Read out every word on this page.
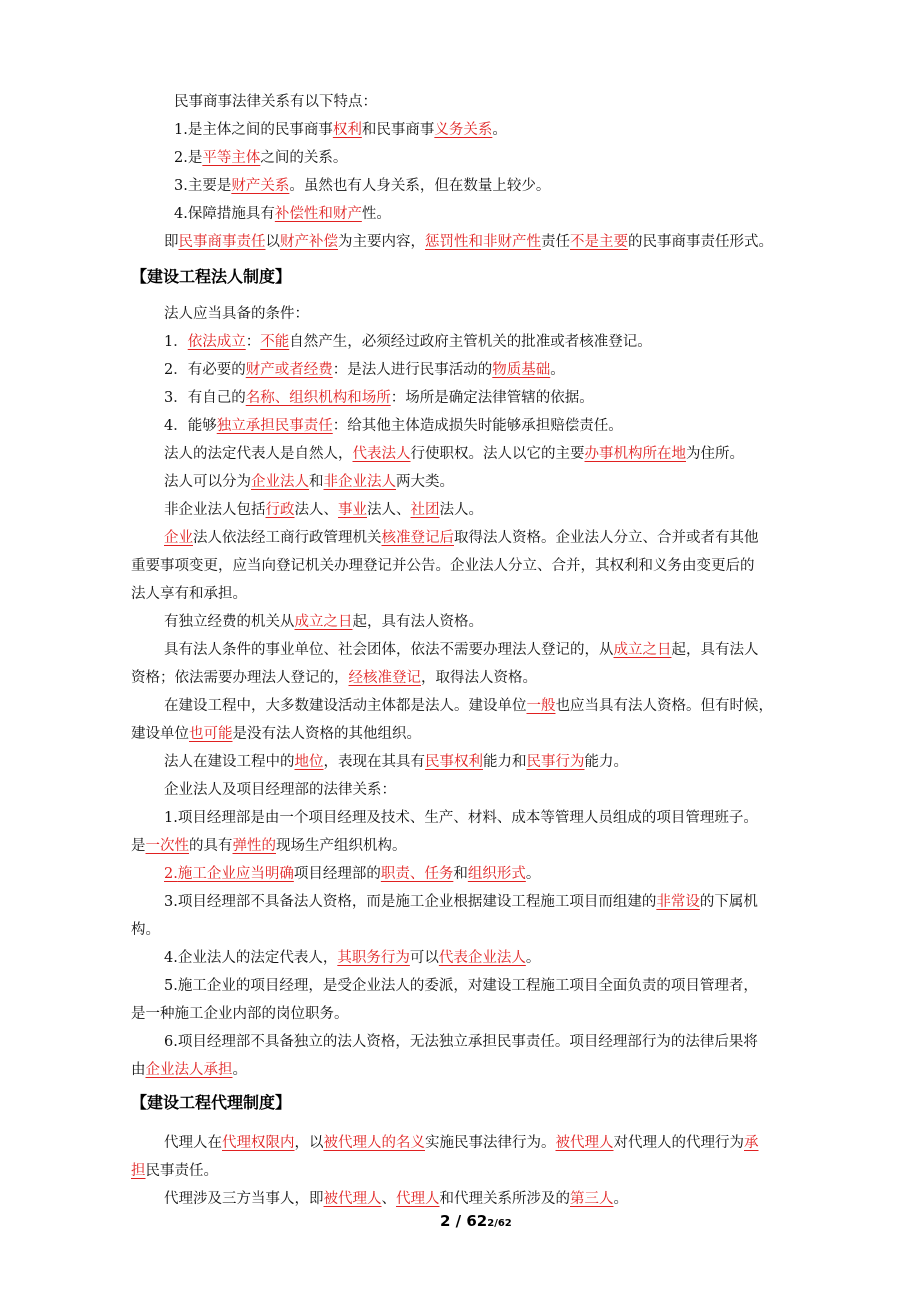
【建设工程法人制度】
【建设工程代理制度】
民事商事法律关系有以下特点：
1.是主体之间的民事商事权利和民事商事义务关系。
2.是平等主体之间的关系。
3.主要是财产关系。虽然也有人身关系，但在数量上较少。
4.保障措施具有补偿性和财产性。
即民事商事责任以财产补偿为主要内容，惩罚性和非财产性责任不是主要的民事商事责任形式。
法人应当具备的条件：
1．依法成立：不能自然产生，必须经过政府主管机关的批准或者核准登记。
2．有必要的财产或者经费：是法人进行民事活动的物质基础。
3．有自己的名称、组织机构和场所：场所是确定法律管辖的依据。
4．能够独立承担民事责任：给其他主体造成损失时能够承担赔偿责任。
法人的法定代表人是自然人，代表法人行使职权。法人以它的主要办事机构所在地为住所。
法人可以分为企业法人和非企业法人两大类。
非企业法人包括行政法人、事业法人、社团法人。
企业法人依法经工商行政管理机关核准登记后取得法人资格。企业法人分立、合并或者有其他
重要事项变更，应当向登记机关办理登记并公告。企业法人分立、合并，其权利和义务由变更后的
法人享有和承担。
有独立经费的机关从成立之日起，具有法人资格。
具有法人条件的事业单位、社会团体，依法不需要办理法人登记的，从成立之日起，具有法人
资格；依法需要办理法人登记的，经核准登记，取得法人资格。
在建设工程中，大多数建设活动主体都是法人。建设单位一般也应当具有法人资格。但有时候，
建设单位也可能是没有法人资格的其他组织。
法人在建设工程中的地位，表现在其具有民事权利能力和民事行为能力。
企业法人及项目经理部的法律关系：
1.项目经理部是由一个项目经理及技术、生产、材料、成本等管理人员组成的项目管理班子。
是一次性的具有弹性的现场生产组织机构。
2.施工企业应当明确项目经理部的职责、任务和组织形式。
3.项目经理部不具备法人资格，而是施工企业根据建设工程施工项目而组建的非常设的下属机
构。
4.企业法人的法定代表人，其职务行为可以代表企业法人。
5.施工企业的项目经理，是受企业法人的委派，对建设工程施工项目全面负责的项目管理者，
是一种施工企业内部的岗位职务。
6.项目经理部不具备独立的法人资格，无法独立承担民事责任。项目经理部行为的法律后果将
由企业法人承担。
代理人在代理权限内，以被代理人的名义实施民事法律行为。被代理人对代理人的代理行为承
担民事责任。
代理涉及三方当事人，即被代理人、代理人和代理关系所涉及的第三人。
2 / 622/62
